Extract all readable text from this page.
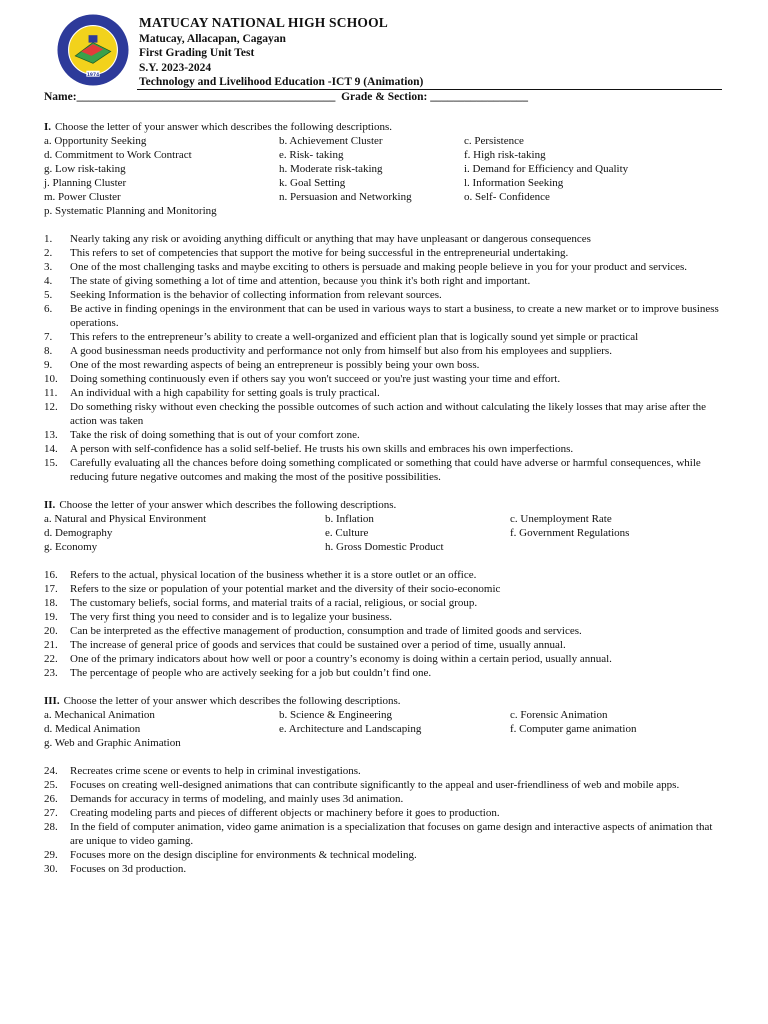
1974
MATUCAY NATIONAL HIGH SCHOOL
Matucay, Allacapan, Cagayan
First Grading Unit Test
S.Y. 2023-2024
Technology and Livelihood Education -ICT 9 (Animation)
Name:_____________________________________________ Grade & Section: _________________
I. Choose the letter of your answer which describes the following descriptions.
a. Opportunity Seeking	b. Achievement Cluster	c. Persistence
d. Commitment to Work Contract	e. Risk- taking	f. High risk-taking
g. Low risk-taking	h. Moderate risk-taking	i. Demand for Efficiency and Quality
j. Planning Cluster	k. Goal Setting	l. Information Seeking
m. Power Cluster	n. Persuasion and Networking	o. Self- Confidence
p. Systematic Planning and Monitoring
1. Nearly taking any risk or avoiding anything difficult or anything that may have unpleasant or dangerous consequences
2. This refers to set of competencies that support the motive for being successful in the entrepreneurial undertaking.
3. One of the most challenging tasks and maybe exciting to others is persuade and making people believe in you for your product and services.
4. The state of giving something a lot of time and attention, because you think it's both right and important.
5. Seeking Information is the behavior of collecting information from relevant sources.
6. Be active in finding openings in the environment that can be used in various ways to start a business, to create a new market or to improve business operations.
7. This refers to the entrepreneur’s ability to create a well-organized and efficient plan that is logically sound yet simple or practical
8. A good businessman needs productivity and performance not only from himself but also from his employees and suppliers.
9. One of the most rewarding aspects of being an entrepreneur is possibly being your own boss.
10. Doing something continuously even if others say you won't succeed or you're just wasting your time and effort.
11. An individual with a high capability for setting goals is truly practical.
12. Do something risky without even checking the possible outcomes of such action and without calculating the likely losses that may arise after the action was taken
13. Take the risk of doing something that is out of your comfort zone.
14. A person with self-confidence has a solid self-belief. He trusts his own skills and embraces his own imperfections.
15. Carefully evaluating all the chances before doing something complicated or something that could have adverse or harmful consequences, while reducing future negative outcomes and making the most of the positive possibilities.
II. Choose the letter of your answer which describes the following descriptions.
a. Natural and Physical Environment	b. Inflation	c. Unemployment Rate
d. Demography	e. Culture	f. Government Regulations
g. Economy	h. Gross Domestic Product
16. Refers to the actual, physical location of the business whether it is a store outlet or an office.
17. Refers to the size or population of your potential market and the diversity of their socio-economic
18. The customary beliefs, social forms, and material traits of a racial, religious, or social group.
19. The very first thing you need to consider and is to legalize your business.
20. Can be interpreted as the effective management of production, consumption and trade of limited goods and services.
21. The increase of general price of goods and services that could be sustained over a period of time, usually annual.
22. One of the primary indicators about how well or poor a country’s economy is doing within a certain period, usually annual.
23. The percentage of people who are actively seeking for a job but couldn’t find one.
III. Choose the letter of your answer which describes the following descriptions.
a. Mechanical Animation	b. Science & Engineering	c. Forensic Animation
d. Medical Animation	e. Architecture and Landscaping	f. Computer game animation
g. Web and Graphic Animation
24. Recreates crime scene or events to help in criminal investigations.
25. Focuses on creating well-designed animations that can contribute significantly to the appeal and user-friendliness of web and mobile apps.
26. Demands for accuracy in terms of modeling, and mainly uses 3d animation.
27. Creating modeling parts and pieces of different objects or machinery before it goes to production.
28. In the field of computer animation, video game animation is a specialization that focuses on game design and interactive aspects of animation that are unique to video gaming.
29. Focuses more on the design discipline for environments & technical modeling.
30. Focuses on 3d production.
